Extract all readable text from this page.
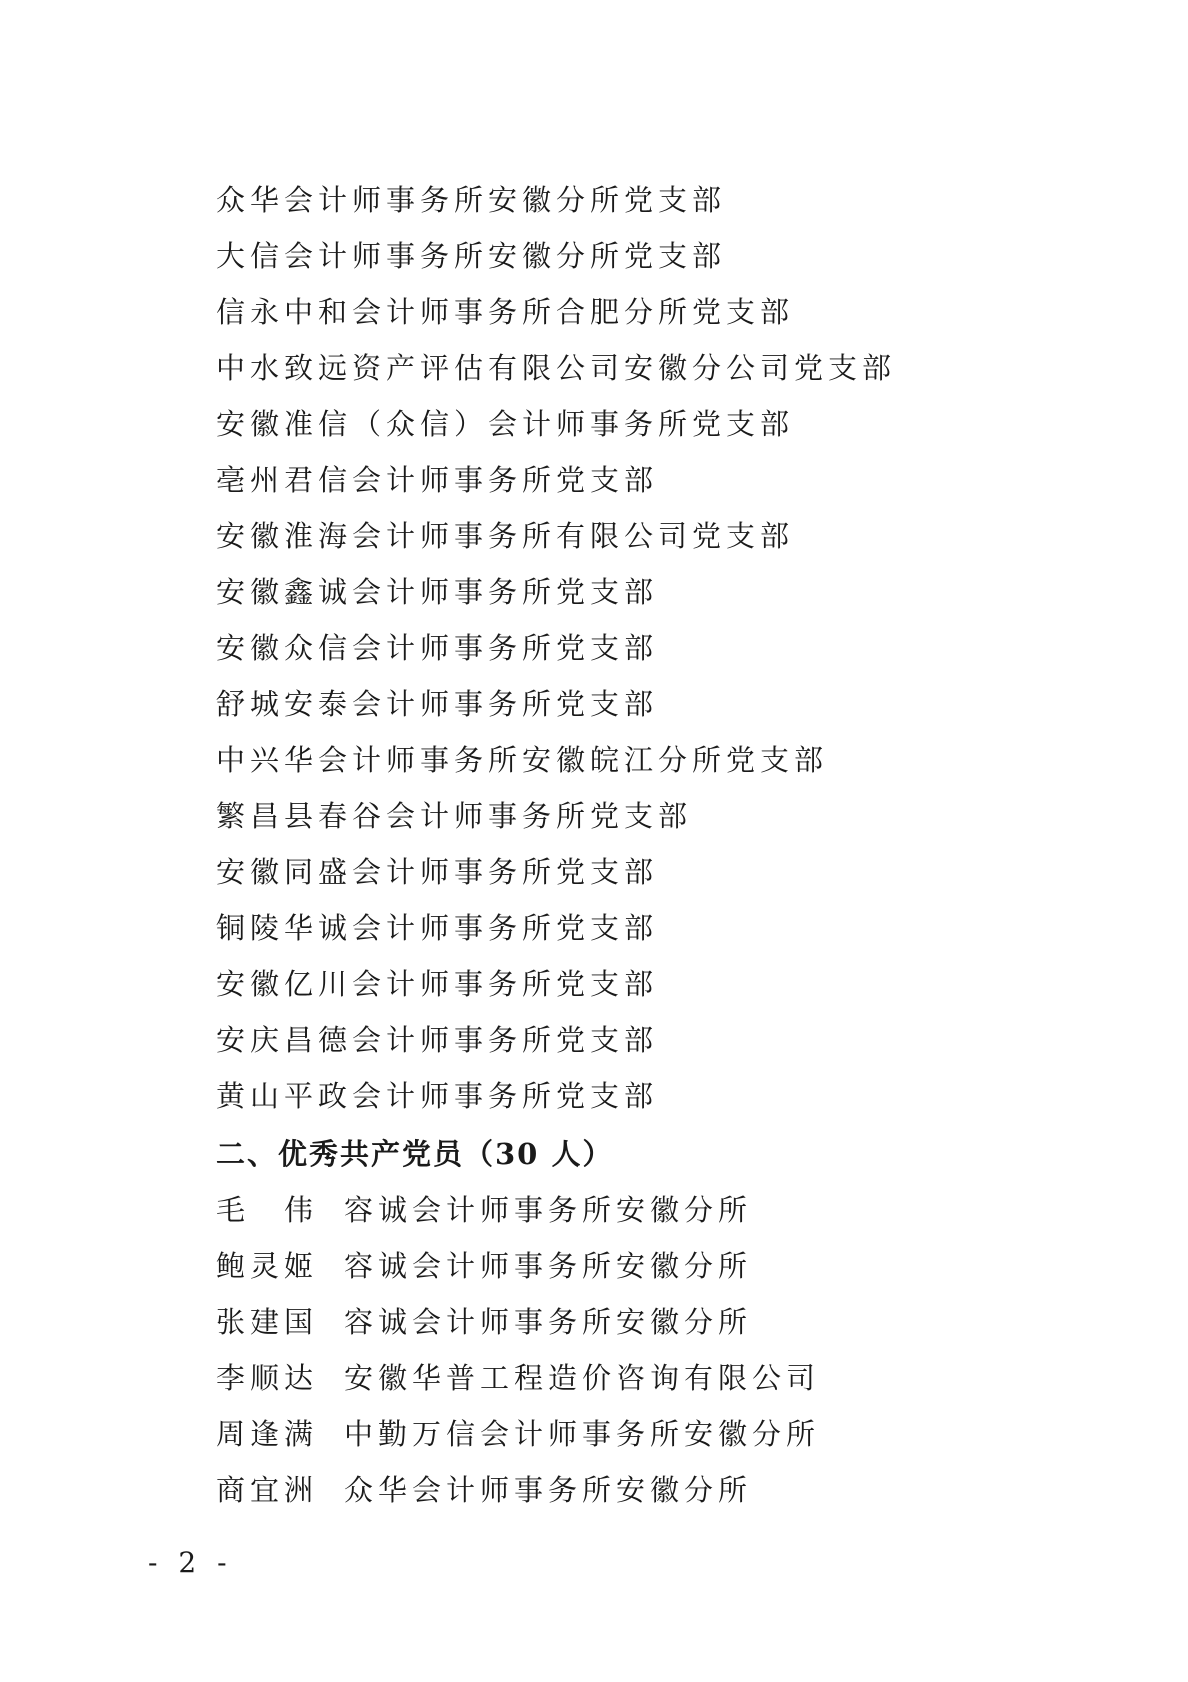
众华会计师事务所安徽分所党支部
大信会计师事务所安徽分所党支部
信永中和会计师事务所合肥分所党支部
中水致远资产评估有限公司安徽分公司党支部
安徽准信（众信）会计师事务所党支部
亳州君信会计师事务所党支部
安徽淮海会计师事务所有限公司党支部
安徽鑫诚会计师事务所党支部
安徽众信会计师事务所党支部
舒城安泰会计师事务所党支部
中兴华会计师事务所安徽皖江分所党支部
繁昌县春谷会计师事务所党支部
安徽同盛会计师事务所党支部
铜陵华诚会计师事务所党支部
安徽亿川会计师事务所党支部
安庆昌德会计师事务所党支部
黄山平政会计师事务所党支部
二、优秀共产党员（30 人）
毛　伟 容诚会计师事务所安徽分所
鲍灵姬 容诚会计师事务所安徽分所
张建国 容诚会计师事务所安徽分所
李顺达 安徽华普工程造价咨询有限公司
周逢满 中勤万信会计师事务所安徽分所
商宜洲 众华会计师事务所安徽分所
- 2 -
